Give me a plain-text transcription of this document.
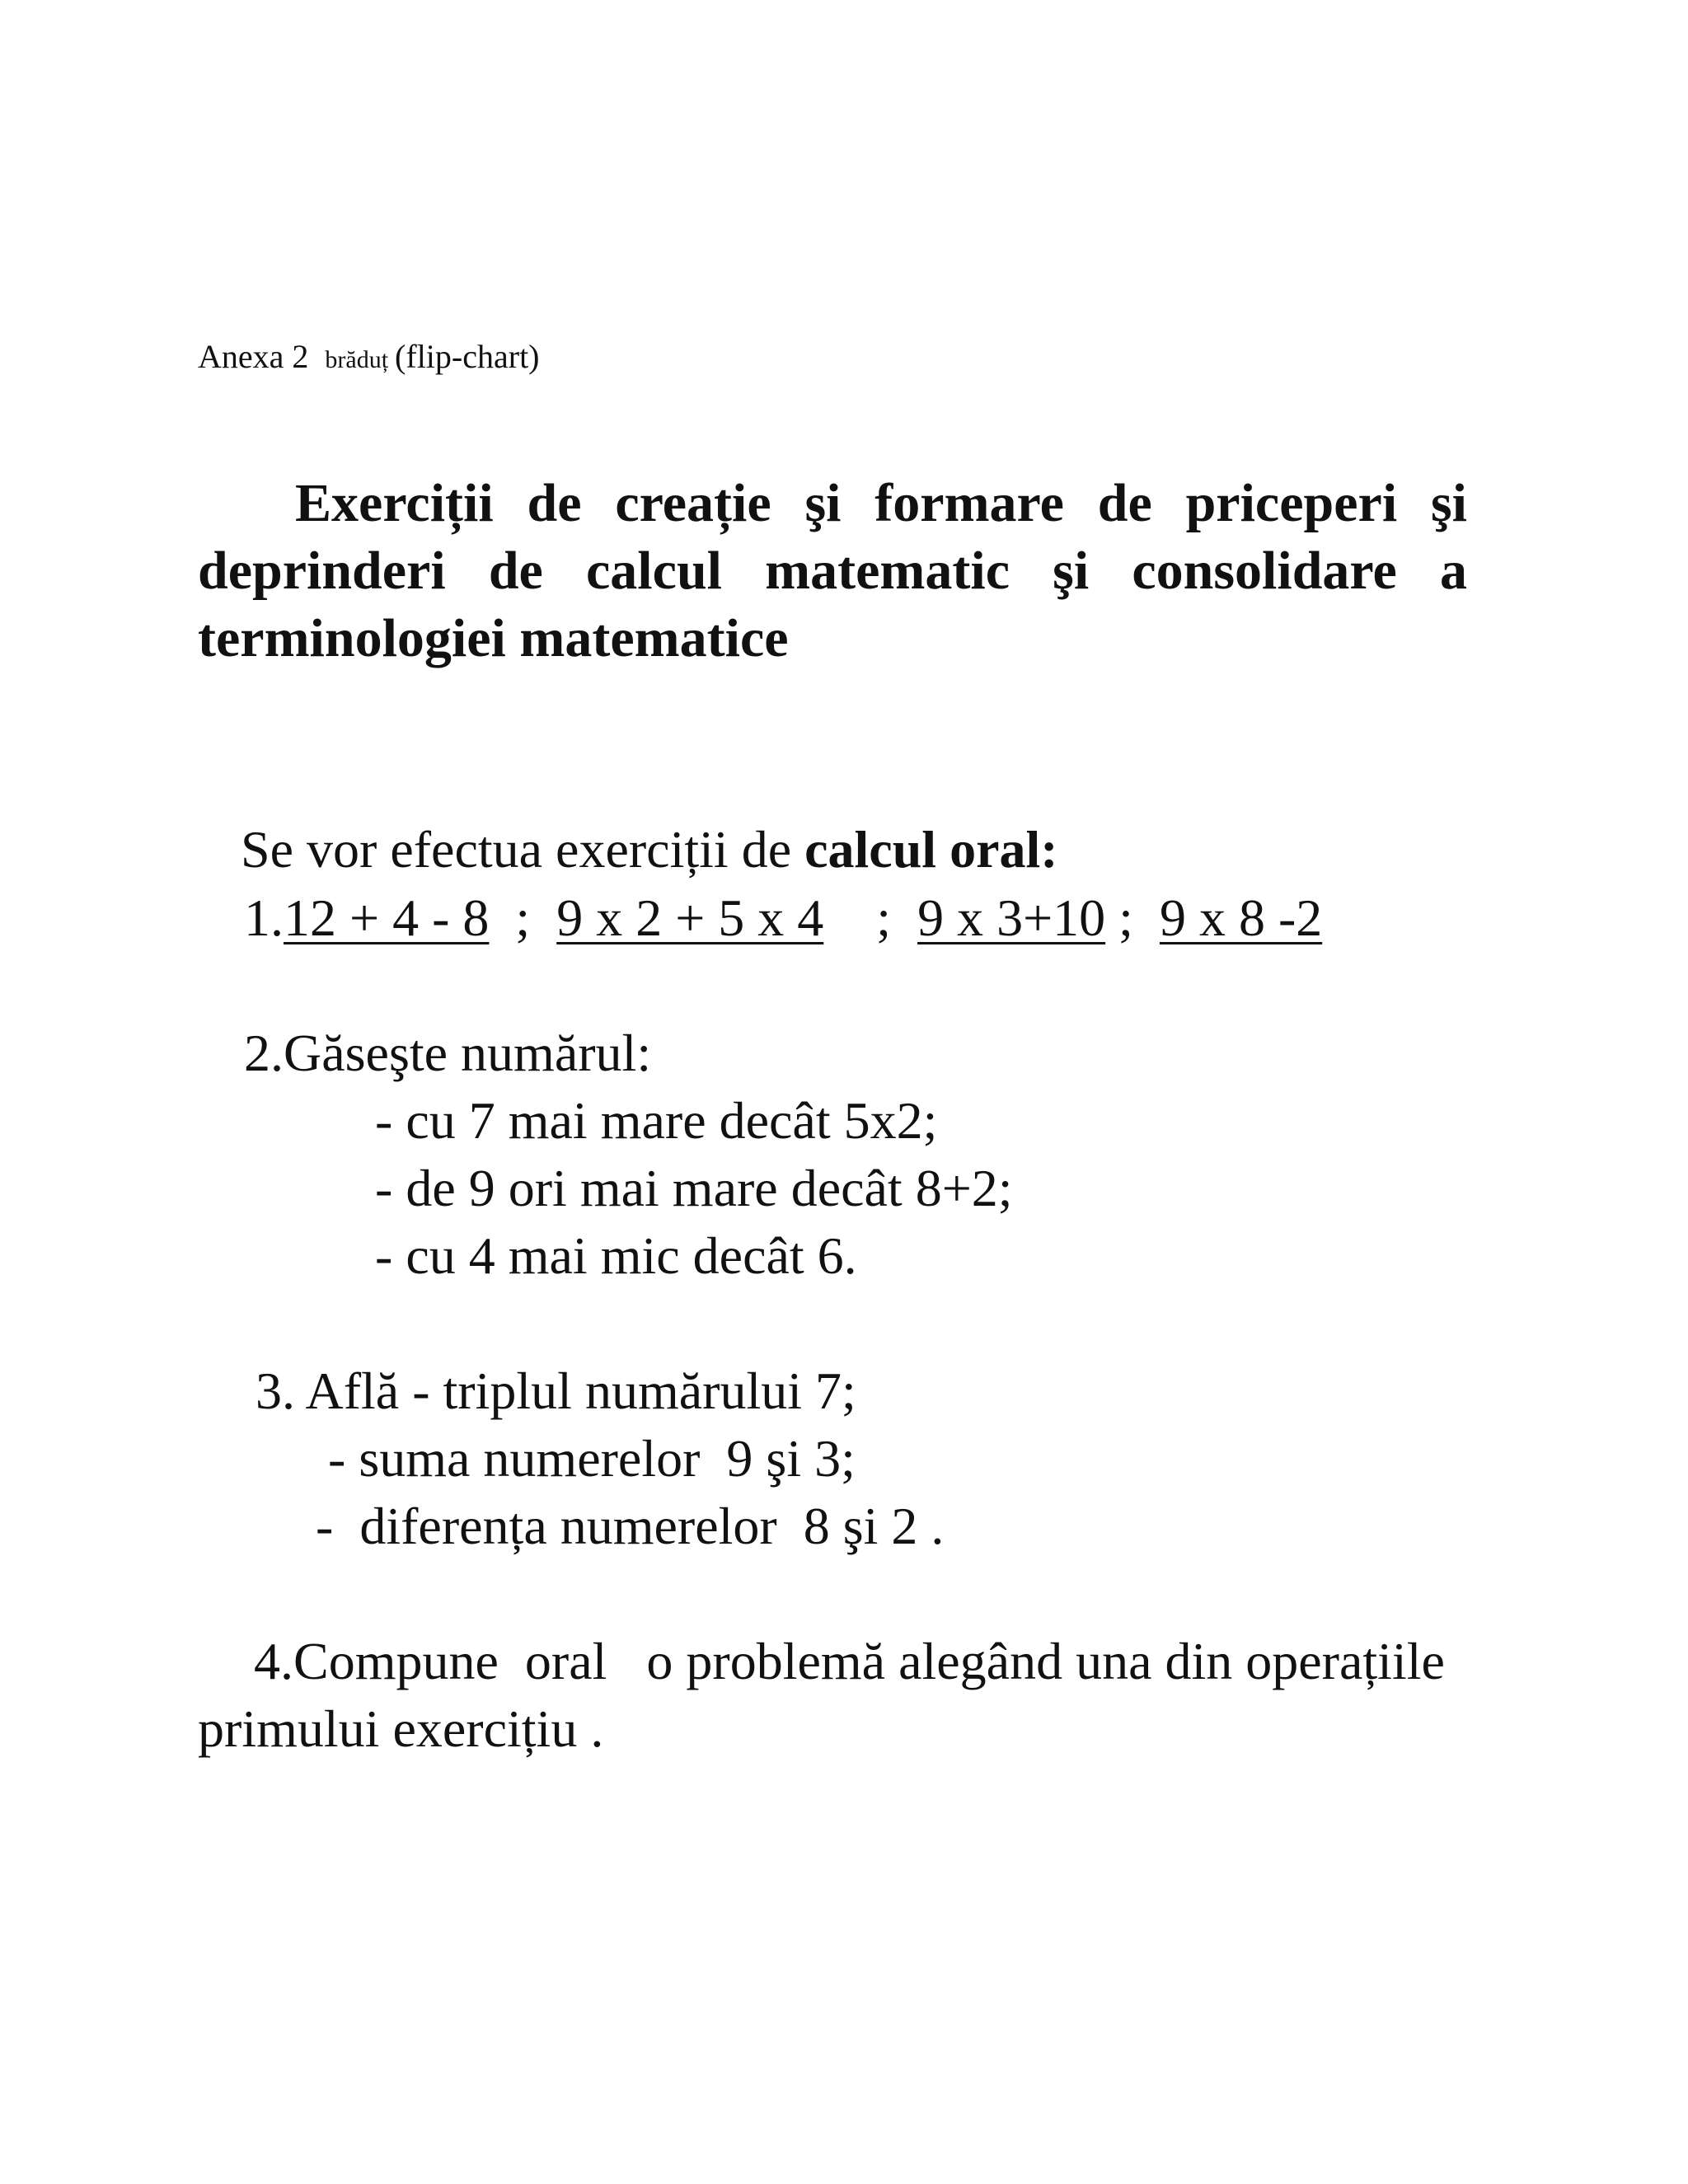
Anexa 2 brăduț (flip-chart)
Exerciții de creație şi formare de priceperi şi deprinderi de calcul matematic şi consolidare a terminologiei matematice
Se vor efectua exerciții de calcul oral:
1.12 + 4 - 8 ; 9 x 2 + 5 x 4 ; 9 x 3+10 ; 9 x 8 -2
2.Găseşte numărul:
- cu 7 mai mare decât 5x2;
- de 9 ori mai mare decât 8+2;
- cu 4 mai mic decât 6.
3. Află - triplul numărului 7;
- suma numerelor  9 şi 3;
-  diferența numerelor  8 şi 2 .
4.Compune  oral   o problemă alegând una din operațiile primului exercițiu .
